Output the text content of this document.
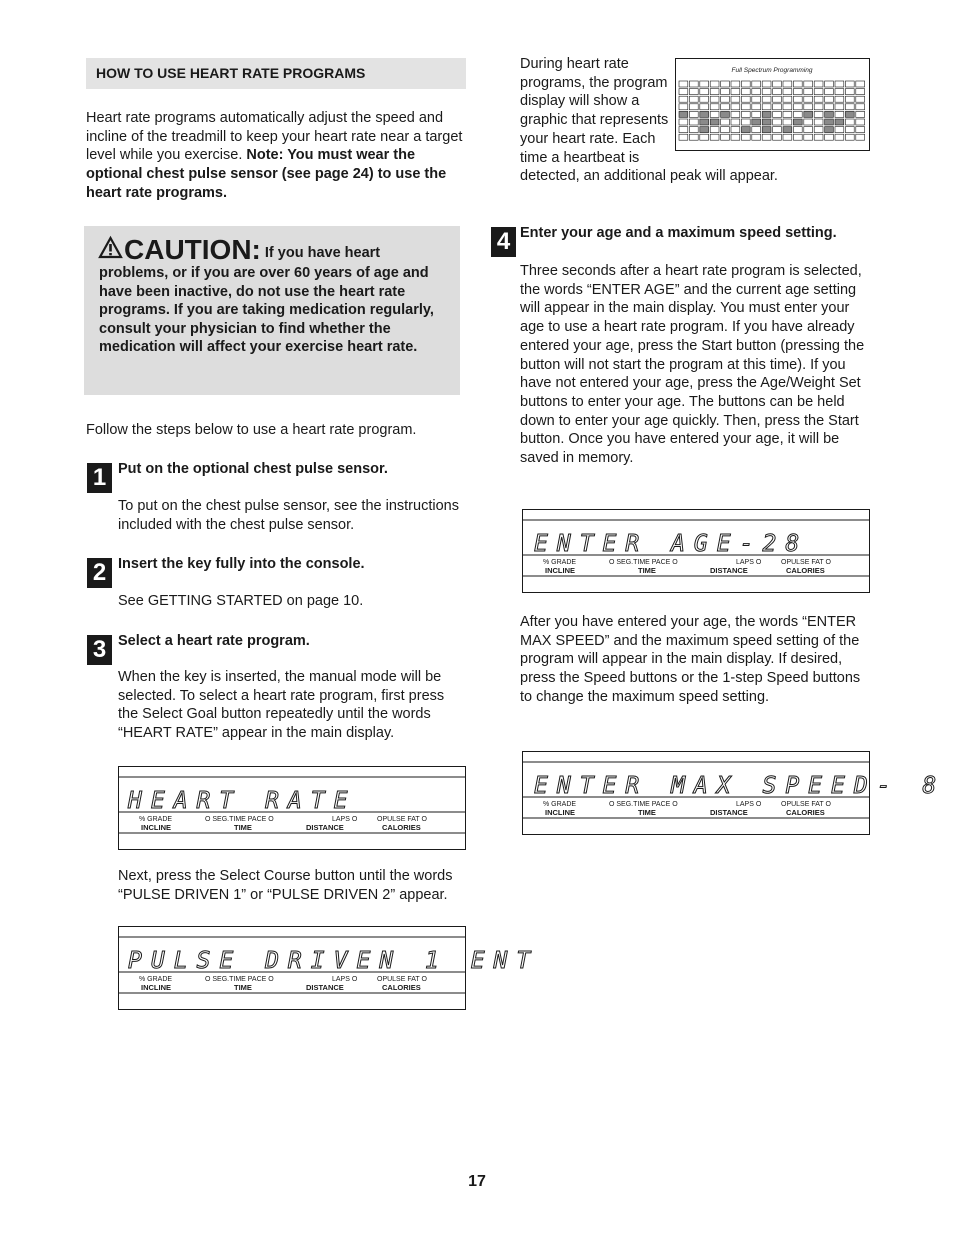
HOW TO USE HEART RATE PROGRAMS

Heart rate programs automatically adjust the speed and incline of the treadmill to keep your heart rate near a target level while you exercise. Note: You must wear the optional chest pulse sensor (see page 24) to use the heart rate programs.

CAUTION: If you have heart problems, or if you are over 60 years of age and have been inactive, do not use the heart rate programs. If you are taking medication regularly, consult your physician to find whether the medication will affect your exercise heart rate.

Follow the steps below to use a heart rate program.

1 Put on the optional chest pulse sensor.

To put on the chest pulse sensor, see the instructions included with the chest pulse sensor.

2 Insert the key fully into the console.

See GETTING STARTED on page 10.

3 Select a heart rate program.

When the key is inserted, the manual mode will be selected. To select a heart rate program, first press the Select Goal button repeatedly until the words “HEART RATE” appear in the main display.

HEART RATE
% GRADE	O SEG.TIME PACE O	LAPS O	OPULSE FAT O
INCLINE	TIME	DISTANCE	CALORIES

Next, press the Select Course button until the words “PULSE DRIVEN 1” or “PULSE DRIVEN 2” appear.

PULSE DRIVEN 1 ENT
% GRADE	O SEG.TIME PACE O	LAPS O	OPULSE FAT O
INCLINE	TIME	DISTANCE	CALORIES
Full Spectrum Programming
During heart rate programs, the program display will show a graphic that represents your heart rate. Each time a heartbeat is detected, an additional peak will appear.
4 Enter your age and a maximum speed setting.

Three seconds after a heart rate program is selected, the words “ENTER AGE” and the current age setting will appear in the main display. You must enter your age to use a heart rate program. If you have already entered your age, press the Start button (pressing the button will not start the program at this time). If you have not entered your age, press the Age/Weight Set buttons to enter your age. The buttons can be held down to enter your age quickly. Then, press the Start button. Once you have entered your age, it will be saved in memory.

ENTER AGE-28
% GRADE	O SEG.TIME PACE O	LAPS O	OPULSE FAT O
INCLINE	TIME	DISTANCE	CALORIES

After you have entered your age, the words “ENTER MAX SPEED” and the maximum speed setting of the program will appear in the main display. If desired, press the Speed buttons or the 1-step Speed buttons to change the maximum speed setting.

ENTER MAX SPEED- 8
% GRADE	O SEG.TIME PACE O	LAPS O	OPULSE FAT O
INCLINE	TIME	DISTANCE	CALORIES
17
